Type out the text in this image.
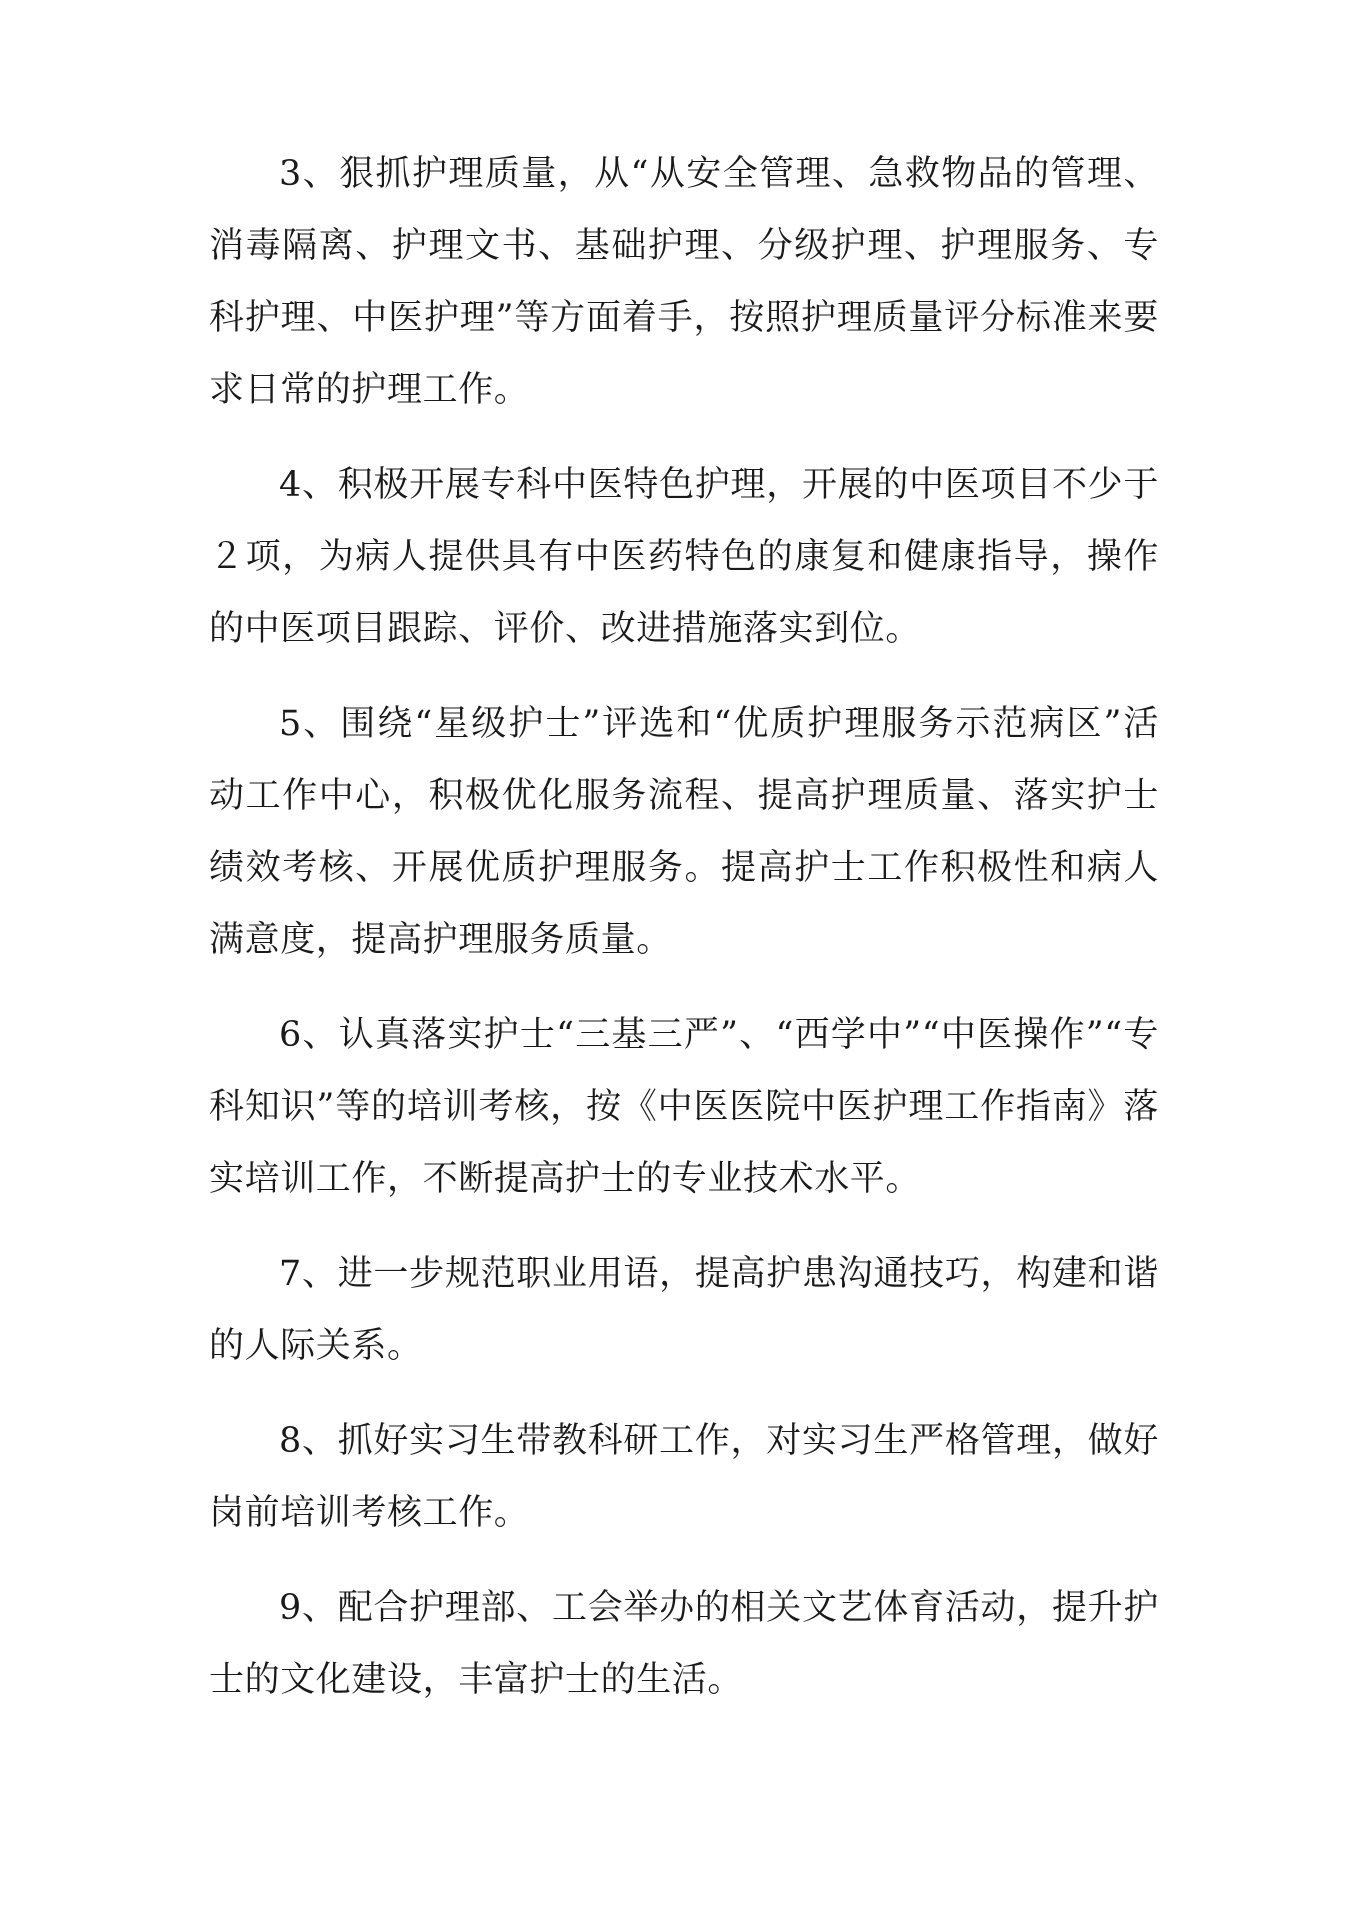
3、狠抓护理质量，从“从安全管理、急救物品的管理、消毒隔离、护理文书、基础护理、分级护理、护理服务、专科护理、中医护理”等方面着手，按照护理质量评分标准来要求日常的护理工作。

4、积极开展专科中医特色护理，开展的中医项目不少于２项，为病人提供具有中医药特色的康复和健康指导，操作的中医项目跟踪、评价、改进措施落实到位。

5、围绕“星级护士”评选和“优质护理服务示范病区”活动工作中心，积极优化服务流程、提高护理质量、落实护士绩效考核、开展优质护理服务。提高护士工作积极性和病人满意度，提高护理服务质量。

6、认真落实护士“三基三严”、“西学中”“中医操作”“专科知识”等的培训考核，按《中医医院中医护理工作指南》落实培训工作，不断提高护士的专业技术水平。

7、进一步规范职业用语，提高护患沟通技巧，构建和谐的人际关系。

8、抓好实习生带教科研工作，对实习生严格管理，做好岗前培训考核工作。

9、配合护理部、工会举办的相关文艺体育活动，提升护士的文化建设，丰富护士的生活。
